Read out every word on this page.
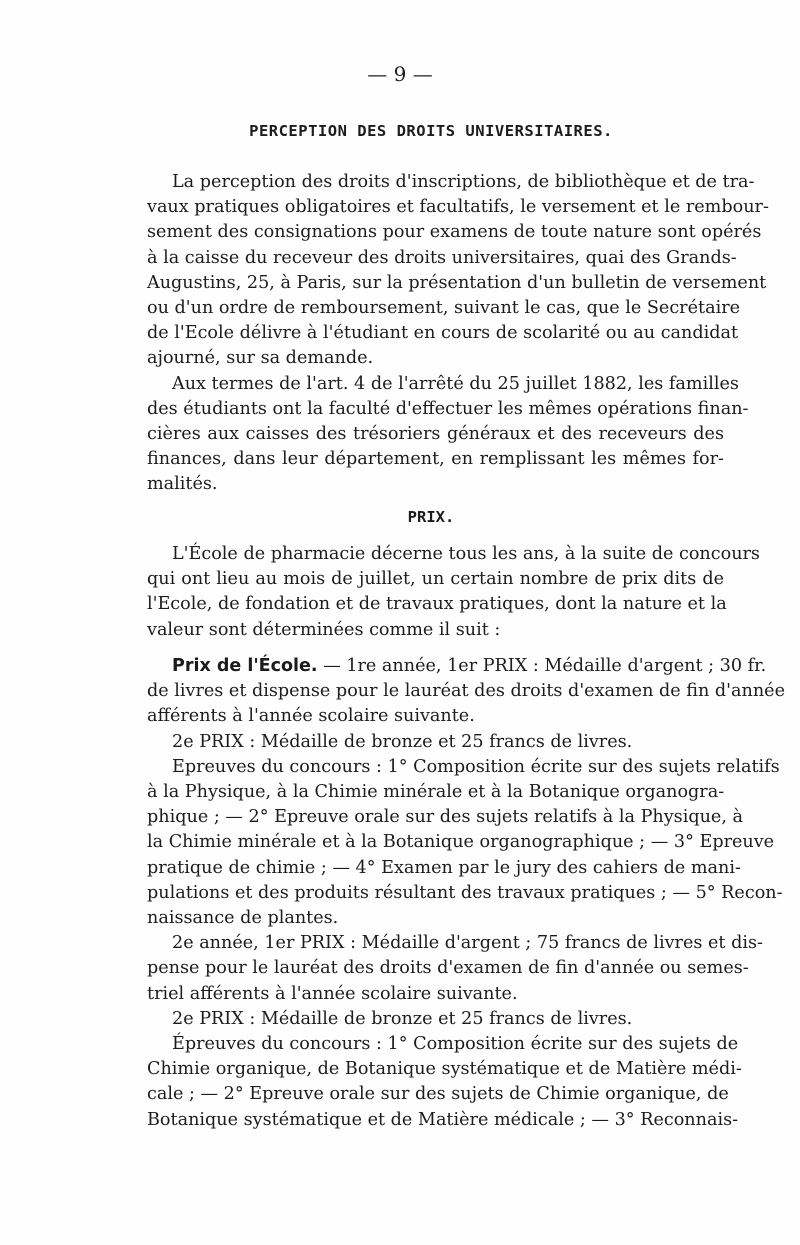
— 9 —
PERCEPTION DES DROITS UNIVERSITAIRES.
La perception des droits d'inscriptions, de bibliothèque et de tra-
vaux pratiques obligatoires et facultatifs, le versement et le rembour-
sement des consignations pour examens de toute nature sont opérés
à la caisse du receveur des droits universitaires, quai des Grands-
Augustins, 25, à Paris, sur la présentation d'un bulletin de versement
ou d'un ordre de remboursement, suivant le cas, que le Secrétaire
de l'Ecole délivre à l'étudiant en cours de scolarité ou au candidat
ajourné, sur sa demande.
Aux termes de l'art. 4 de l'arrêté du 25 juillet 1882, les familles
des étudiants ont la faculté d'effectuer les mêmes opérations finan-
cières aux caisses des trésoriers généraux et des receveurs des
finances, dans leur département, en remplissant les mêmes for-
malités.
PRIX.
L'École de pharmacie décerne tous les ans, à la suite de concours
qui ont lieu au mois de juillet, un certain nombre de prix dits de
l'Ecole, de fondation et de travaux pratiques, dont la nature et la
valeur sont déterminées comme il suit :
Prix de l'École. — 1re année, 1er PRIX : Médaille d'argent ; 30 fr.
de livres et dispense pour le lauréat des droits d'examen de fin d'année
afférents à l'année scolaire suivante.
2e PRIX : Médaille de bronze et 25 francs de livres.
Epreuves du concours : 1° Composition écrite sur des sujets relatifs
à la Physique, à la Chimie minérale et à la Botanique organogra-
phique ; — 2° Epreuve orale sur des sujets relatifs à la Physique, à
la Chimie minérale et à la Botanique organographique ; — 3° Epreuve
pratique de chimie ; — 4° Examen par le jury des cahiers de mani-
pulations et des produits résultant des travaux pratiques ; — 5° Recon-
naissance de plantes.
2e année, 1er PRIX : Médaille d'argent ; 75 francs de livres et dis-
pense pour le lauréat des droits d'examen de fin d'année ou semes-
triel afférents à l'année scolaire suivante.
2e PRIX : Médaille de bronze et 25 francs de livres.
Épreuves du concours : 1° Composition écrite sur des sujets de
Chimie organique, de Botanique systématique et de Matière médi-
cale ; — 2° Epreuve orale sur des sujets de Chimie organique, de
Botanique systématique et de Matière médicale ; — 3° Reconnais-
